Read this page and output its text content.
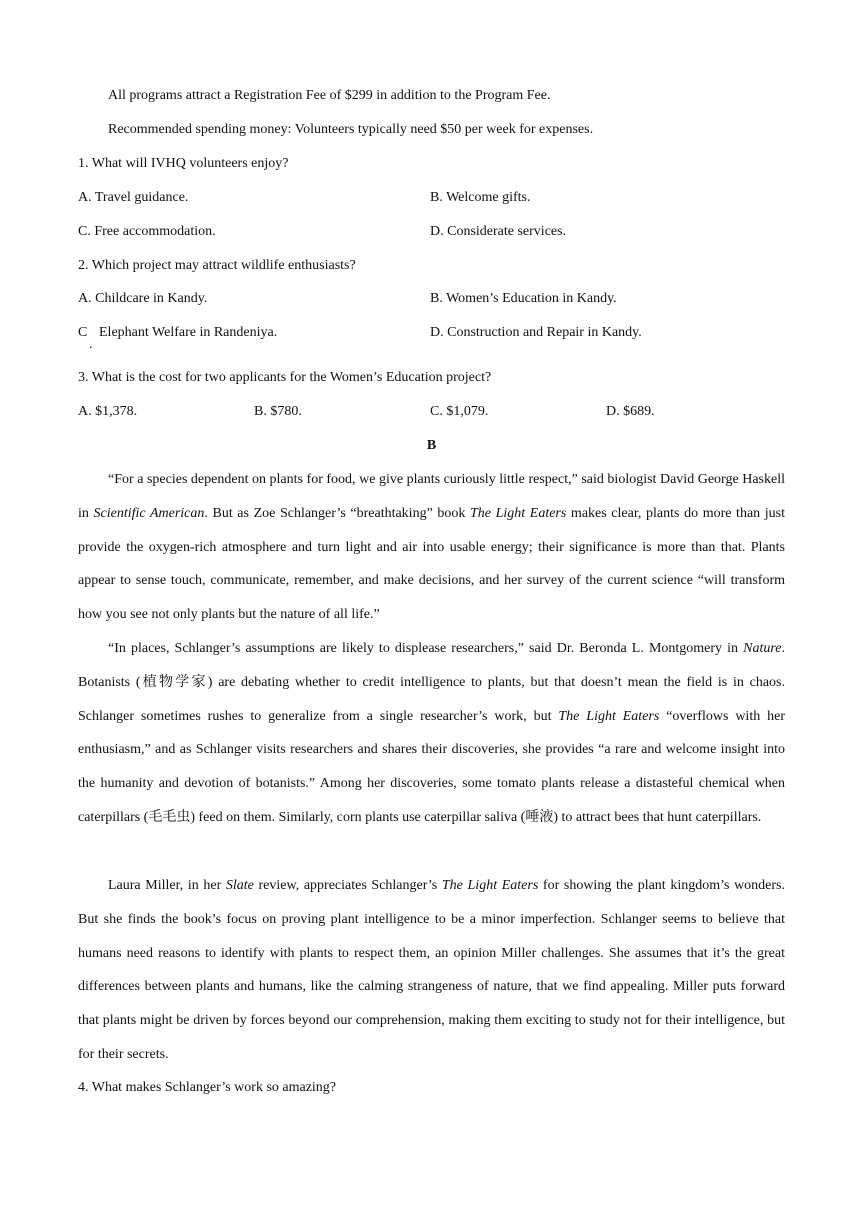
All programs attract a Registration Fee of $299 in addition to the Program Fee.
Recommended spending money: Volunteers typically need $50 per week for expenses.
1. What will IVHQ volunteers enjoy?
A. Travel guidance.	B. Welcome gifts.
C. Free accommodation.	D. Considerate services.
2. Which project may attract wildlife enthusiasts?
A. Childcare in Kandy.	B. Women’s Education in Kandy.
C
.
Elephant Welfare in Randeniya.	D. Construction and Repair in Kandy.
3. What is the cost for two applicants for the Women’s Education project?
A. $1,378.	B. $780.	C. $1,079.	D. $689.
B
“For a species dependent on plants for food, we give plants curiously little respect,” said biologist David George Haskell in Scientific American. But as Zoe Schlanger’s “breathtaking” book The Light Eaters makes clear, plants do more than just provide the oxygen-rich atmosphere and turn light and air into usable energy; their significance is more than that. Plants appear to sense touch, communicate, remember, and make decisions, and her survey of the current science “will transform how you see not only plants but the nature of all life.”
“In places, Schlanger’s assumptions are likely to displease researchers,” said Dr. Beronda L. Montgomery in Nature. Botanists (植物学家) are debating whether to credit intelligence to plants, but that doesn’t mean the field is in chaos. Schlanger sometimes rushes to generalize from a single researcher’s work, but The Light Eaters “overflows with her enthusiasm,” and as Schlanger visits researchers and shares their discoveries, she provides “a rare and welcome insight into the humanity and devotion of botanists.” Among her discoveries, some tomato plants release a distasteful chemical when caterpillars (毛毛虫) feed on them. Similarly, corn plants use caterpillar saliva (唾液) to attract bees that hunt caterpillars.
Laura Miller, in her Slate review, appreciates Schlanger’s The Light Eaters for showing the plant kingdom’s wonders. But she finds the book’s focus on proving plant intelligence to be a minor imperfection. Schlanger seems to believe that humans need reasons to identify with plants to respect them, an opinion Miller challenges. She assumes that it’s the great differences between plants and humans, like the calming strangeness of nature, that we find appealing. Miller puts forward that plants might be driven by forces beyond our comprehension, making them exciting to study not for their intelligence, but for their secrets.
4. What makes Schlanger’s work so amazing?
